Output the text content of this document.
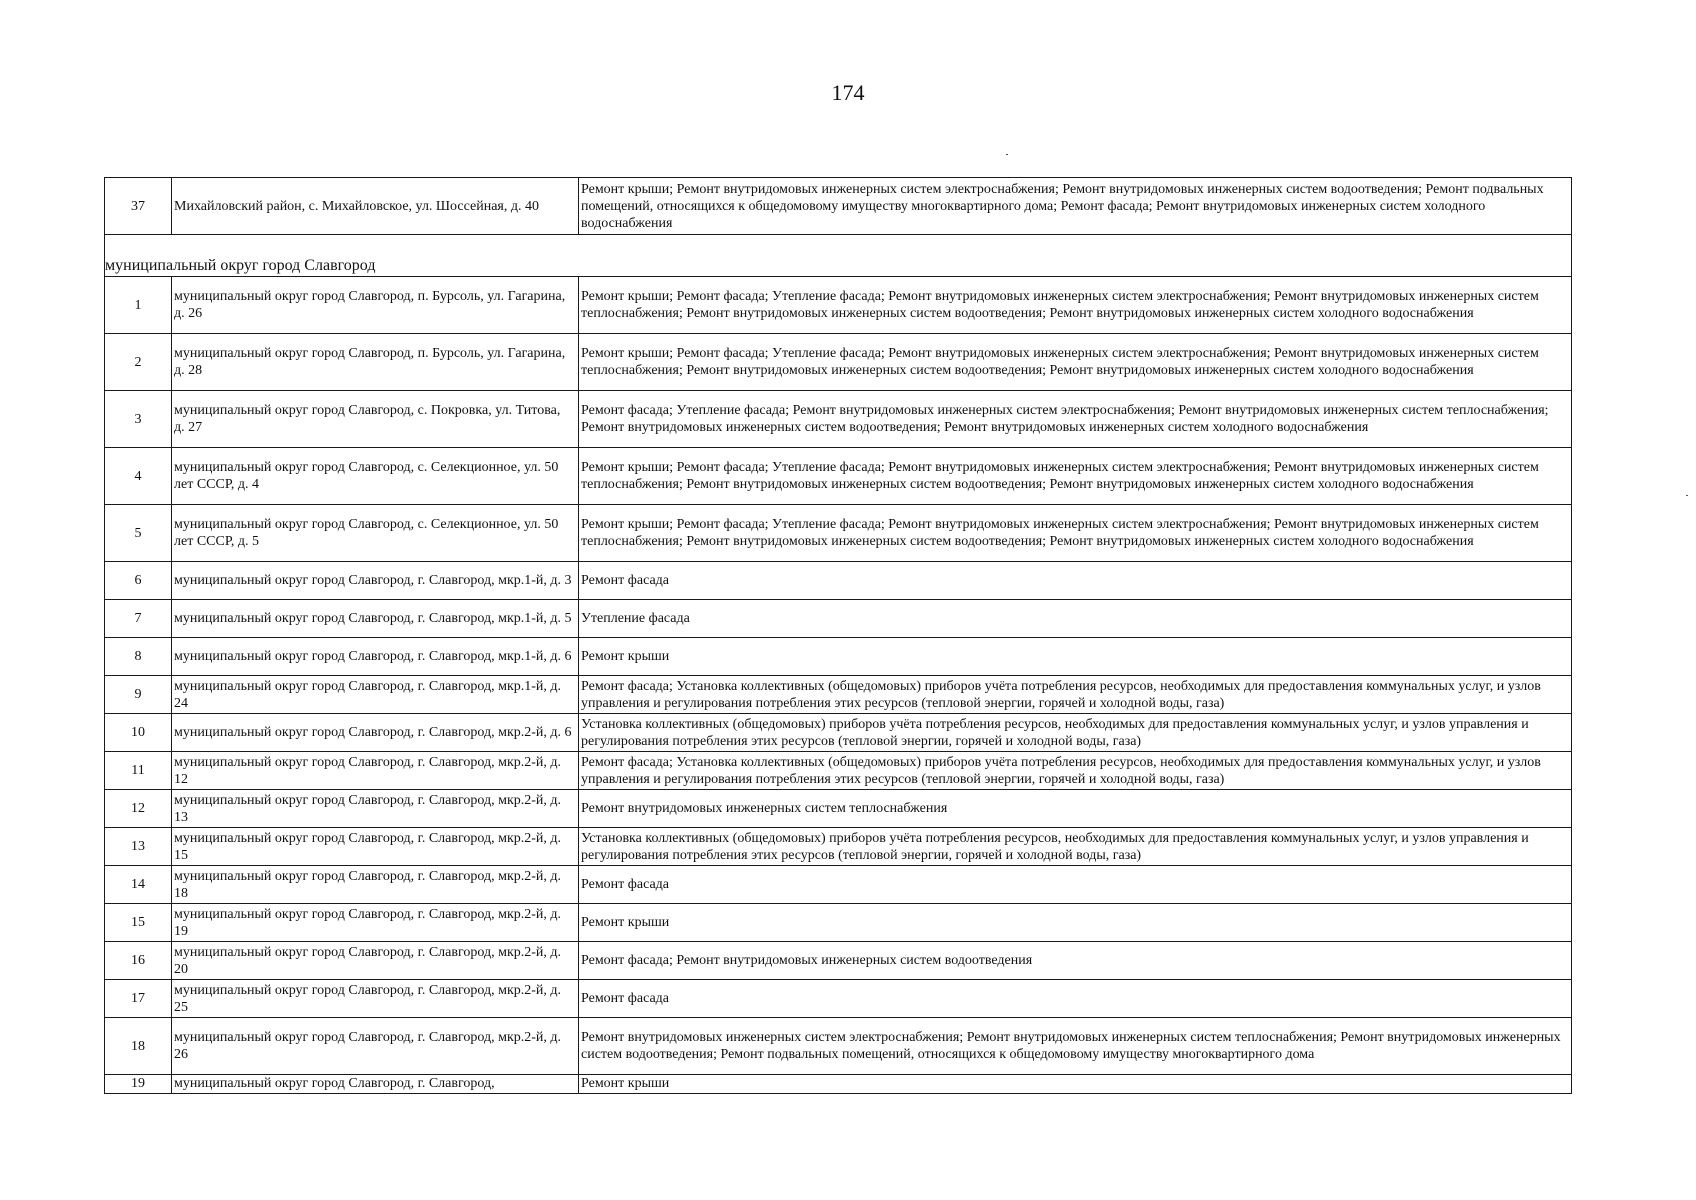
174
37	Михайловский район, с. Михайловское, ул. Шоссейная, д. 40	Ремонт крыши; Ремонт внутридомовых инженерных систем электроснабжения; Ремонт внутридомовых инженерных систем водоотведения; Ремонт подвальных помещений, относящихся к общедомовому имуществу многоквартирного дома; Ремонт фасада; Ремонт внутридомовых инженерных систем холодного водоснабжения

муниципальный округ город Славгород		

1	муниципальный округ город Славгород, п. Бурсоль, ул. Гагарина, д. 26	Ремонт крыши; Ремонт фасада; Утепление фасада; Ремонт внутридомовых инженерных систем электроснабжения; Ремонт внутридомовых инженерных систем теплоснабжения; Ремонт внутридомовых инженерных систем водоотведения; Ремонт внутридомовых инженерных систем холодного водоснабжения

2	муниципальный округ город Славгород, п. Бурсоль, ул. Гагарина, д. 28	Ремонт крыши; Ремонт фасада; Утепление фасада; Ремонт внутридомовых инженерных систем электроснабжения; Ремонт внутридомовых инженерных систем теплоснабжения; Ремонт внутридомовых инженерных систем водоотведения; Ремонт внутридомовых инженерных систем холодного водоснабжения

3	муниципальный округ город Славгород, с. Покровка, ул. Титова, д. 27	Ремонт фасада; Утепление фасада; Ремонт внутридомовых инженерных систем электроснабжения; Ремонт внутридомовых инженерных систем теплоснабжения; Ремонт внутридомовых инженерных систем водоотведения; Ремонт внутридомовых инженерных систем холодного водоснабжения

4	муниципальный округ город Славгород, с. Селекционное, ул. 50 лет СССР, д. 4	Ремонт крыши; Ремонт фасада; Утепление фасада; Ремонт внутридомовых инженерных систем электроснабжения; Ремонт внутридомовых инженерных систем теплоснабжения; Ремонт внутридомовых инженерных систем водоотведения; Ремонт внутридомовых инженерных систем холодного водоснабжения

5	муниципальный округ город Славгород, с. Селекционное, ул. 50 лет СССР, д. 5	Ремонт крыши; Ремонт фасада; Утепление фасада; Ремонт внутридомовых инженерных систем электроснабжения; Ремонт внутридомовых инженерных систем теплоснабжения; Ремонт внутридомовых инженерных систем водоотведения; Ремонт внутридомовых инженерных систем холодного водоснабжения

6	муниципальный округ город Славгород, г. Славгород, мкр.1-й, д. 3	Ремонт фасада

7	муниципальный округ город Славгород, г. Славгород, мкр.1-й, д. 5	Утепление фасада

8	муниципальный округ город Славгород, г. Славгород, мкр.1-й, д. 6	Ремонт крыши

9	муниципальный округ город Славгород, г. Славгород, мкр.1-й, д. 24	Ремонт фасада; Установка коллективных (общедомовых) приборов учёта потребления ресурсов, необходимых для предоставления коммунальных услуг, и узлов управления и регулирования потребления этих ресурсов (тепловой энергии, горячей и холодной воды, газа)

10	муниципальный округ город Славгород, г. Славгород, мкр.2-й, д. 6	Установка коллективных (общедомовых) приборов учёта потребления ресурсов, необходимых для предоставления коммунальных услуг, и узлов управления и регулирования потребления этих ресурсов (тепловой энергии, горячей и холодной воды, газа)

11	муниципальный округ город Славгород, г. Славгород, мкр.2-й, д. 12	Ремонт фасада; Установка коллективных (общедомовых) приборов учёта потребления ресурсов, необходимых для предоставления коммунальных услуг, и узлов управления и регулирования потребления этих ресурсов (тепловой энергии, горячей и холодной воды, газа)

12	муниципальный округ город Славгород, г. Славгород, мкр.2-й, д. 13	Ремонт внутридомовых инженерных систем теплоснабжения

13	муниципальный округ город Славгород, г. Славгород, мкр.2-й, д. 15	Установка коллективных (общедомовых) приборов учёта потребления ресурсов, необходимых для предоставления коммунальных услуг, и узлов управления и регулирования потребления этих ресурсов (тепловой энергии, горячей и холодной воды, газа)

14	муниципальный округ город Славгород, г. Славгород, мкр.2-й, д. 18	Ремонт фасада

15	муниципальный округ город Славгород, г. Славгород, мкр.2-й, д. 19	Ремонт крыши

16	муниципальный округ город Славгород, г. Славгород, мкр.2-й, д. 20	Ремонт фасада; Ремонт внутридомовых инженерных систем водоотведения

17	муниципальный округ город Славгород, г. Славгород, мкр.2-й, д. 25	Ремонт фасада

18	муниципальный округ город Славгород, г. Славгород, мкр.2-й, д. 26	Ремонт внутридомовых инженерных систем электроснабжения; Ремонт внутридомовых инженерных систем теплоснабжения; Ремонт внутридомовых инженерных систем водоотведения; Ремонт подвальных помещений, относящихся к общедомовому имуществу многоквартирного дома

19	муниципальный округ город Славгород, г. Славгород,	Ремонт крыши
